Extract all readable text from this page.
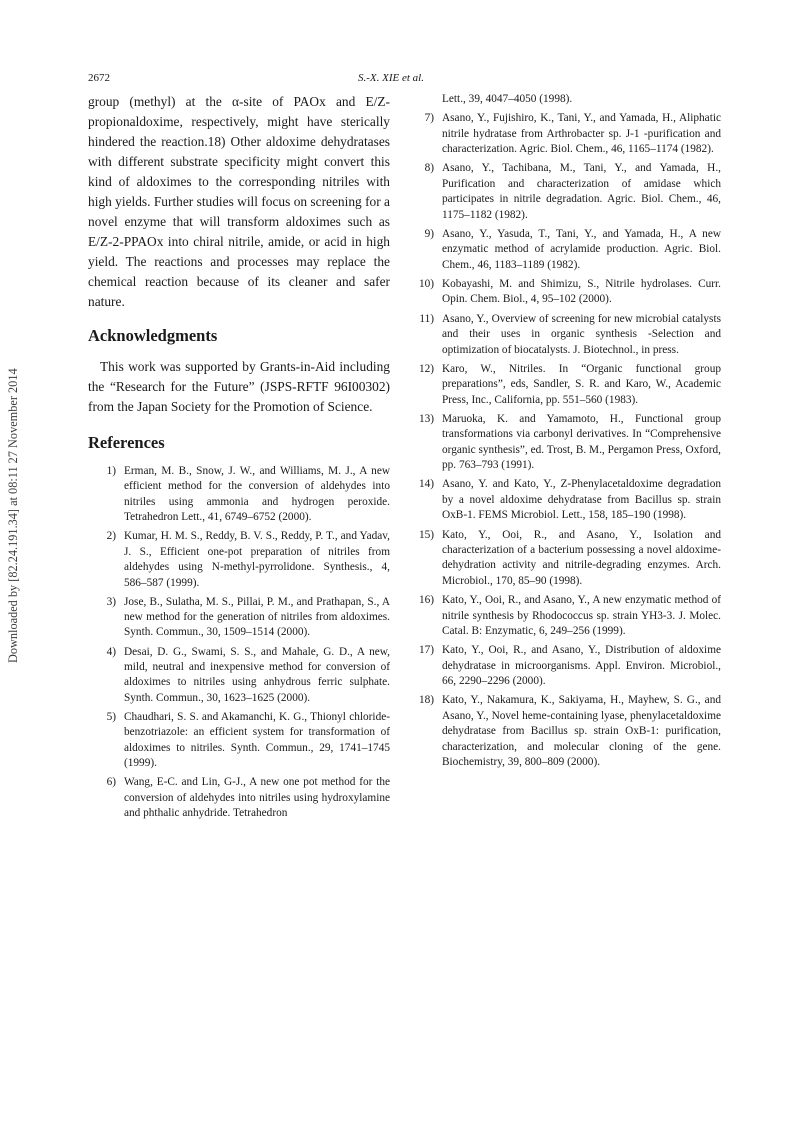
Downloaded by [82.24.191.34] at 08:11 27 November 2014
2672	S.-X. XIE et al.

group (methyl) at the α-site of PAOx and E/Z-propionaldoxime, respectively, might have sterically hindered the reaction.18) Other aldoxime dehydratases with different substrate specificity might convert this kind of aldoximes to the corresponding nitriles with high yields. Further studies will focus on screening for a novel enzyme that will transform aldoximes such as E/Z-2-PPAOx into chiral nitrile, amide, or acid in high yield. The reactions and processes may replace the chemical reaction because of its cleaner and safer nature.

Acknowledgments

This work was supported by Grants-in-Aid including the “Research for the Future” (JSPS-RFTF 96I00302) from the Japan Society for the Promotion of Science.

References
1) Erman, M. B., Snow, J. W., and Williams, M. J., A new efficient method for the conversion of aldehydes into nitriles using ammonia and hydrogen peroxide. Tetrahedron Lett., 41, 6749–6752 (2000).
2) Kumar, H. M. S., Reddy, B. V. S., Reddy, P. T., and Yadav, J. S., Efficient one-pot preparation of nitriles from aldehydes using N-methyl-pyrrolidone. Synthesis., 4, 586–587 (1999).
3) Jose, B., Sulatha, M. S., Pillai, P. M., and Prathapan, S., A new method for the generation of nitriles from aldoximes. Synth. Commun., 30, 1509–1514 (2000).
4) Desai, D. G., Swami, S. S., and Mahale, G. D., A new, mild, neutral and inexpensive method for conversion of aldoximes to nitriles using anhydrous ferric sulphate. Synth. Commun., 30, 1623–1625 (2000).
5) Chaudhari, S. S. and Akamanchi, K. G., Thionyl chloride-benzotriazole: an efficient system for transformation of aldoximes to nitriles. Synth. Commun., 29, 1741–1745 (1999).
6) Wang, E-C. and Lin, G-J., A new one pot method for the conversion of aldehydes into nitriles using hydroxylamine and phthalic anhydride. Tetrahedron
Lett., 39, 4047–4050 (1998).
7) Asano, Y., Fujishiro, K., Tani, Y., and Yamada, H., Aliphatic nitrile hydratase from Arthrobacter sp. J-1 -purification and characterization. Agric. Biol. Chem., 46, 1165–1174 (1982).
8) Asano, Y., Tachibana, M., Tani, Y., and Yamada, H., Purification and characterization of amidase which participates in nitrile degradation. Agric. Biol. Chem., 46, 1175–1182 (1982).
9) Asano, Y., Yasuda, T., Tani, Y., and Yamada, H., A new enzymatic method of acrylamide production. Agric. Biol. Chem., 46, 1183–1189 (1982).
10) Kobayashi, M. and Shimizu, S., Nitrile hydrolases. Curr. Opin. Chem. Biol., 4, 95–102 (2000).
11) Asano, Y., Overview of screening for new microbial catalysts and their uses in organic synthesis -Selection and optimization of biocatalysts. J. Biotechnol., in press.
12) Karo, W., Nitriles. In “Organic functional group preparations”, eds, Sandler, S. R. and Karo, W., Academic Press, Inc., California, pp. 551–560 (1983).
13) Maruoka, K. and Yamamoto, H., Functional group transformations via carbonyl derivatives. In “Comprehensive organic synthesis”, ed. Trost, B. M., Pergamon Press, Oxford, pp. 763–793 (1991).
14) Asano, Y. and Kato, Y., Z-Phenylacetaldoxime degradation by a novel aldoxime dehydratase from Bacillus sp. strain OxB-1. FEMS Microbiol. Lett., 158, 185–190 (1998).
15) Kato, Y., Ooi, R., and Asano, Y., Isolation and characterization of a bacterium possessing a novel aldoxime-dehydration activity and nitrile-degrading enzymes. Arch. Microbiol., 170, 85–90 (1998).
16) Kato, Y., Ooi, R., and Asano, Y., A new enzymatic method of nitrile synthesis by Rhodococcus sp. strain YH3-3. J. Molec. Catal. B: Enzymatic, 6, 249–256 (1999).
17) Kato, Y., Ooi, R., and Asano, Y., Distribution of aldoxime dehydratase in microorganisms. Appl. Environ. Microbiol., 66, 2290–2296 (2000).
18) Kato, Y., Nakamura, K., Sakiyama, H., Mayhew, S. G., and Asano, Y., Novel heme-containing lyase, phenylacetaldoxime dehydratase from Bacillus sp. strain OxB-1: purification, characterization, and molecular cloning of the gene. Biochemistry, 39, 800–809 (2000).
